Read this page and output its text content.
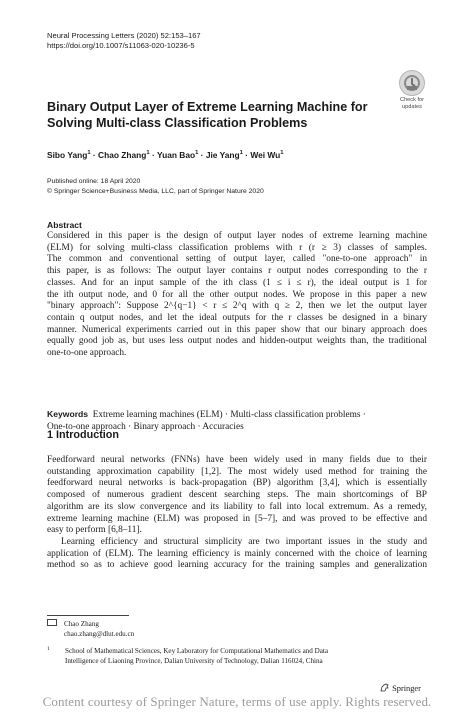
Neural Processing Letters (2020) 52:153–167
https://doi.org/10.1007/s11063-020-10236-5
Check for
updates
Binary Output Layer of Extreme Learning Machine for Solving Multi-class Classification Problems
Sibo Yang$^1$ · Chao Zhang$^1$ · Yuan Bao$^1$ · Jie Yang$^1$ · Wei Wu$^1$
Published online: 18 April 2020
© Springer Science+Business Media, LLC, part of Springer Nature 2020
Abstract
Considered in this paper is the design of output layer nodes of extreme learning machine
(ELM) for solving multi-class classification problems with r (r ≥ 3) classes of samples.
The common and conventional setting of output layer, called "one-to-one approach" in
this paper, is as follows: The output layer contains r output nodes corresponding to the r
classes. And for an input sample of the ith class (1 ≤ i ≤ r), the ideal output is 1 for
the ith output node, and 0 for all the other output nodes. We propose in this paper a new
"binary approach": Suppose 2^{q−1} < r ≤ 2^q with q ≥ 2, then we let the output layer
contain q output nodes, and let the ideal outputs for the r classes be designed in a binary
manner. Numerical experiments carried out in this paper show that our binary approach does
equally good job as, but uses less output nodes and hidden-output weights than, the traditional
one-to-one approach.
Keywords Extreme learning machines (ELM) · Multi-class classification problems ·
One-to-one approach · Binary approach · Accuracies
1 Introduction
Feedforward neural networks (FNNs) have been widely used in many fields due to their
outstanding approximation capability [1,2]. The most widely used method for training the
feedforward neural networks is back-propagation (BP) algorithm [3,4], which is essentially
composed of numerous gradient descent searching steps. The main shortcomings of BP
algorithm are its slow convergence and its liability to fall into local extremum. As a remedy,
extreme learning machine (ELM) was proposed in [5–7], and was proved to be effective and
easy to perform [6,8–11].
Learning efficiency and structural simplicity are two important issues in the study and
application of (ELM). The learning efficiency is mainly concerned with the choice of learning
method so as to achieve good learning accuracy for the training samples and generalization
Chao Zhang
chao.zhang@dlut.edu.cn
1	School of Mathematical Sciences, Key Laboratory for Computational Mathematics and Data
Intelligence of Liaoning Province, Dalian University of Technology, Dalian 116024, China
Springer
Content courtesy of Springer Nature, terms of use apply. Rights reserved.
